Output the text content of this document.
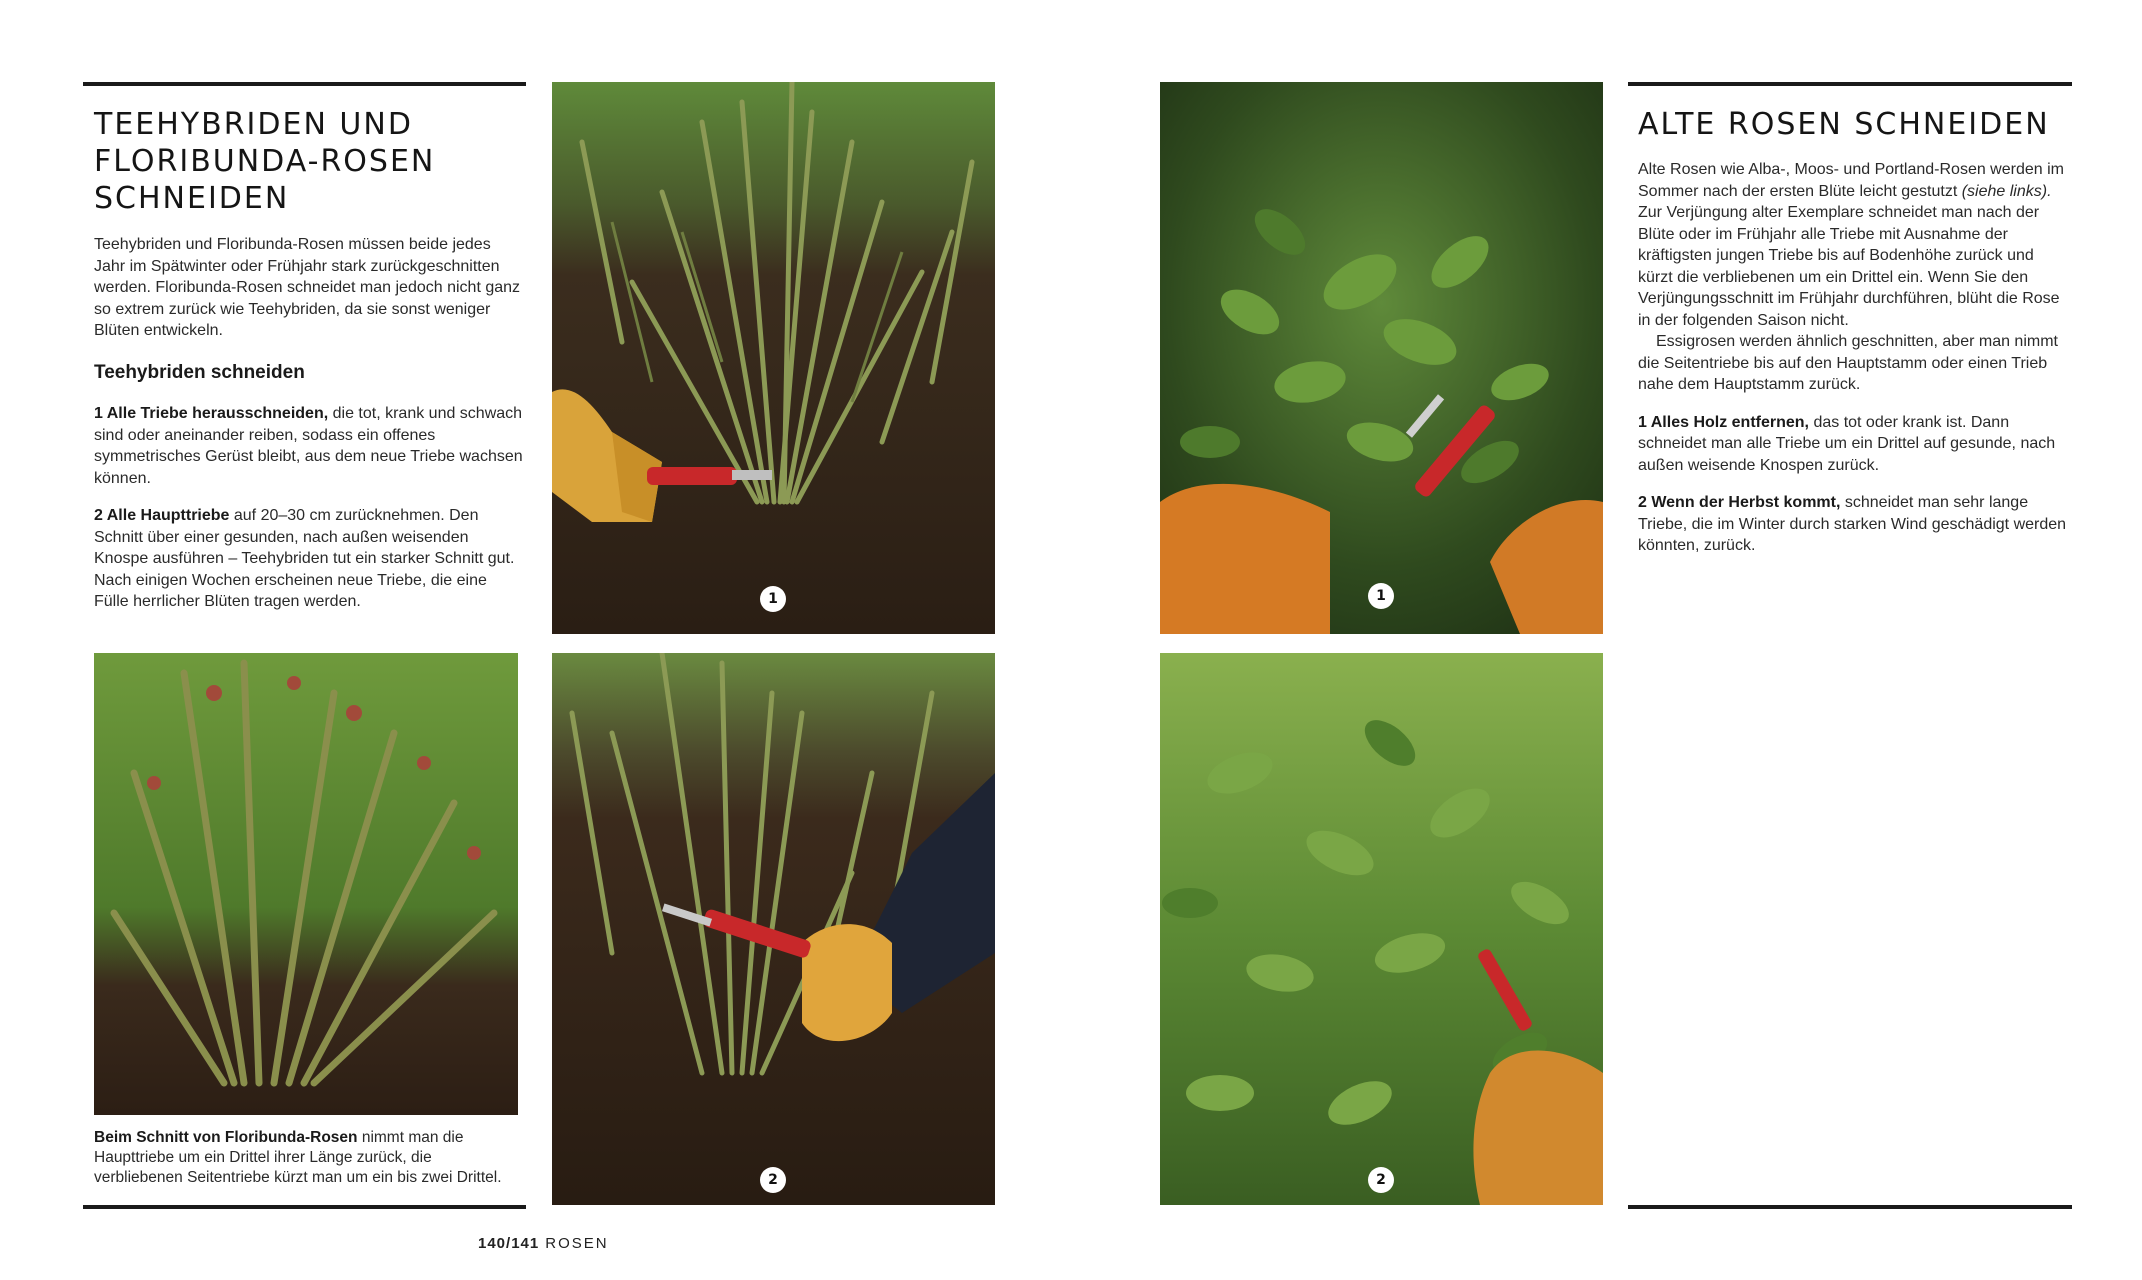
TEEHYBRIDEN UND FLORIBUNDA-ROSEN SCHNEIDEN

Teehybriden und Floribunda-Rosen müssen beide jedes Jahr im Spätwinter oder Frühjahr stark zurückgeschnitten werden. Floribunda-Rosen schneidet man jedoch nicht ganz so extrem zurück wie Teehybriden, da sie sonst weniger Blüten entwickeln.

Teehybriden schneiden

1 Alle Triebe herausschneiden, die tot, krank und schwach sind oder aneinander reiben, sodass ein offenes symmetrisches Gerüst bleibt, aus dem neue Triebe wachsen können.

2 Alle Haupttriebe auf 20–30 cm zurücknehmen. Den Schnitt über einer gesunden, nach außen weisenden Knospe ausführen – Teehybriden tut ein starker Schnitt gut. Nach einigen Wochen erscheinen neue Triebe, die eine Fülle herrlicher Blüten tragen werden.	1
Beim Schnitt von Floribunda-Rosen nimmt man die Haupttriebe um ein Drittel ihrer Länge zurück, die verbliebenen Seitentriebe kürzt man um ein bis zwei Drittel.	2
1
2
ALTE ROSEN SCHNEIDEN

Alte Rosen wie Alba-, Moos- und Portland-Rosen werden im Sommer nach der ersten Blüte leicht gestutzt (siehe links). Zur Verjüngung alter Exemplare schneidet man nach der Blüte oder im Frühjahr alle Triebe mit Ausnahme der kräftigsten jungen Triebe bis auf Bodenhöhe zurück und kürzt die verbliebenen um ein Drittel ein. Wenn Sie den Verjüngungsschnitt im Frühjahr durchführen, blüht die Rose in der folgenden Saison nicht.

Essigrosen werden ähnlich geschnitten, aber man nimmt die Seitentriebe bis auf den Hauptstamm oder einen Trieb nahe dem Hauptstamm zurück.

1 Alles Holz entfernen, das tot oder krank ist. Dann schneidet man alle Triebe um ein Drittel auf gesunde, nach außen weisende Knospen zurück.

2 Wenn der Herbst kommt, schneidet man sehr lange Triebe, die im Winter durch starken Wind geschädigt werden könnten, zurück.

140/141 ROSEN
